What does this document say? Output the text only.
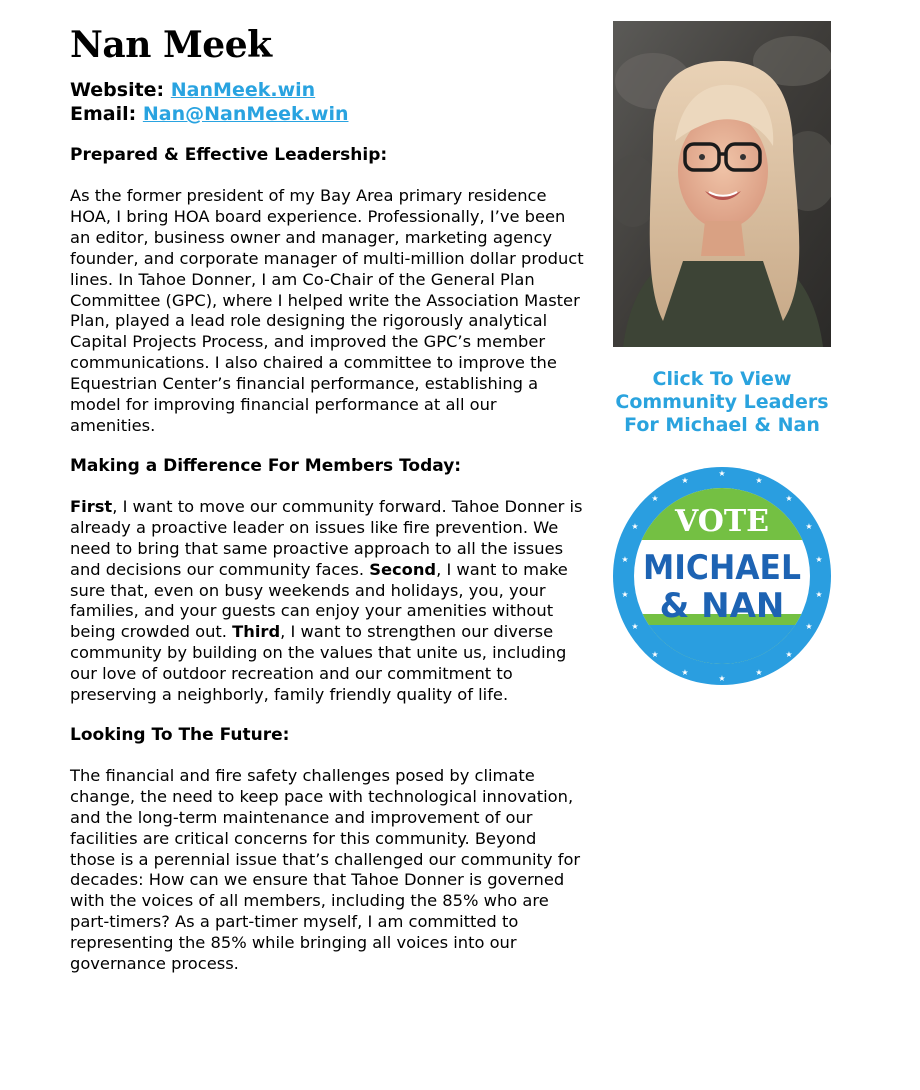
Nan Meek
Website: NanMeek.win
Email: Nan@NanMeek.win
Prepared & Effective Leadership:

As the former president of my Bay Area primary residence HOA, I bring HOA board experience. Professionally, I’ve been an editor, business owner and manager, marketing agency founder, and corporate manager of multi-million dollar product lines. In Tahoe Donner, I am Co-Chair of the General Plan Committee (GPC), where I helped write the Association Master Plan, played a lead role designing the rigorously analytical Capital Projects Process, and improved the GPC’s member communications. I also chaired a committee to improve the Equestrian Center’s financial performance, establishing a model for improving financial performance at all our amenities.

Making a Difference For Members Today:

First, I want to move our community forward. Tahoe Donner is already a proactive leader on issues like fire prevention. We need to bring that same proactive approach to all the issues and decisions our community faces. Second, I want to make sure that, even on busy weekends and holidays, you, your families, and your guests can enjoy your amenities without being crowded out. Third, I want to strengthen our diverse community by building on the values that unite us, including our love of outdoor recreation and our commitment to preserving a neighborly, family friendly quality of life.

Looking To The Future:

The financial and fire safety challenges posed by climate change, the need to keep pace with technological innovation, and the long-term maintenance and improvement of our facilities are critical concerns for this community. Beyond those is a perennial issue that’s challenged our community for decades: How can we ensure that Tahoe Donner is governed with the voices of all members, including the 85% who are part-timers? As a part-timer myself, I am committed to representing the 85% while bringing all voices into our governance process.

Click To View
Community Leaders
For Michael & Nan
★
★	★
★	★
★	★
★	★
★	★
★	★
★	★
★	★
★
VOTE
MICHAEL
& NAN
